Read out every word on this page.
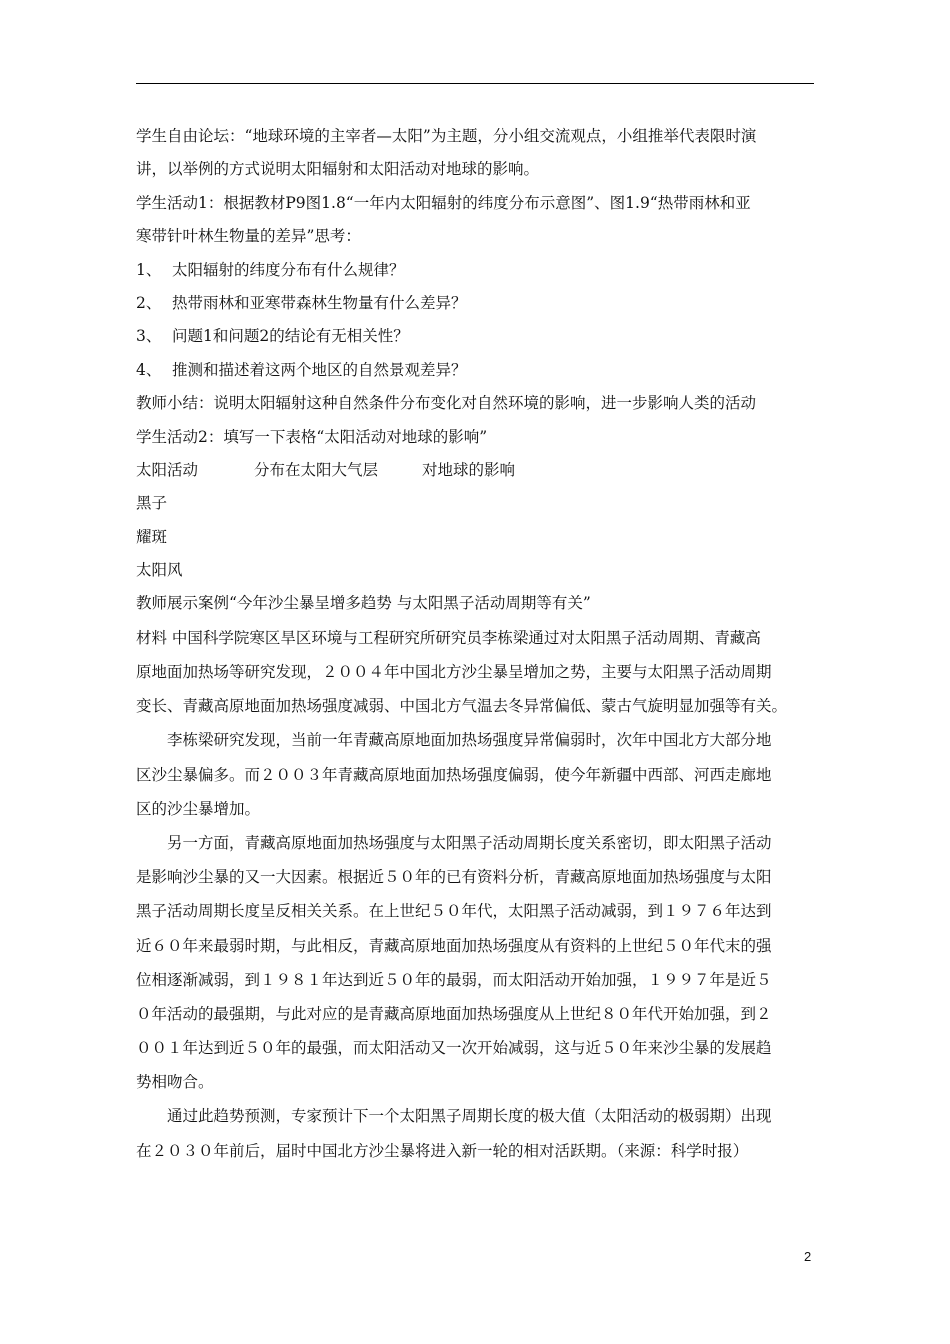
学生自由论坛：“地球环境的主宰者—太阳”为主题，分小组交流观点，小组推举代表限时演
讲，以举例的方式说明太阳辐射和太阳活动对地球的影响。
学生活动1：根据教材P9图1.8“一年内太阳辐射的纬度分布示意图”、图1.9“热带雨林和亚
寒带针叶林生物量的差异”思考：
1、 太阳辐射的纬度分布有什么规律？
2、 热带雨林和亚寒带森林生物量有什么差异？
3、 问题1和问题2的结论有无相关性？
4、 推测和描述着这两个地区的自然景观差异？
教师小结：说明太阳辐射这种自然条件分布变化对自然环境的影响，进一步影响人类的活动
学生活动2：填写一下表格“太阳活动对地球的影响”
太阳活动	分布在太阳大气层	对地球的影响
黑子
耀斑
太阳风
教师展示案例“今年沙尘暴呈增多趋势 与太阳黑子活动周期等有关”
材料 中国科学院寒区旱区环境与工程研究所研究员李栋梁通过对太阳黑子活动周期、青藏高
原地面加热场等研究发现，２００４年中国北方沙尘暴呈增加之势，主要与太阳黑子活动周期
变长、青藏高原地面加热场强度减弱、中国北方气温去冬异常偏低、蒙古气旋明显加强等有关。
李栋梁研究发现，当前一年青藏高原地面加热场强度异常偏弱时，次年中国北方大部分地
区沙尘暴偏多。而２００３年青藏高原地面加热场强度偏弱，使今年新疆中西部、河西走廊地
区的沙尘暴增加。
另一方面，青藏高原地面加热场强度与太阳黑子活动周期长度关系密切，即太阳黑子活动
是影响沙尘暴的又一大因素。根据近５０年的已有资料分析，青藏高原地面加热场强度与太阳
黑子活动周期长度呈反相关关系。在上世纪５０年代，太阳黑子活动减弱，到１９７６年达到
近６０年来最弱时期，与此相反，青藏高原地面加热场强度从有资料的上世纪５０年代末的强
位相逐渐减弱，到１９８１年达到近５０年的最弱，而太阳活动开始加强，１９９７年是近５
０年活动的最强期，与此对应的是青藏高原地面加热场强度从上世纪８０年代开始加强，到２
００１年达到近５０年的最强，而太阳活动又一次开始减弱，这与近５０年来沙尘暴的发展趋
势相吻合。
通过此趋势预测，专家预计下一个太阳黑子周期长度的极大值（太阳活动的极弱期）出现
在２０３０年前后，届时中国北方沙尘暴将进入新一轮的相对活跃期。（来源：科学时报）
2
